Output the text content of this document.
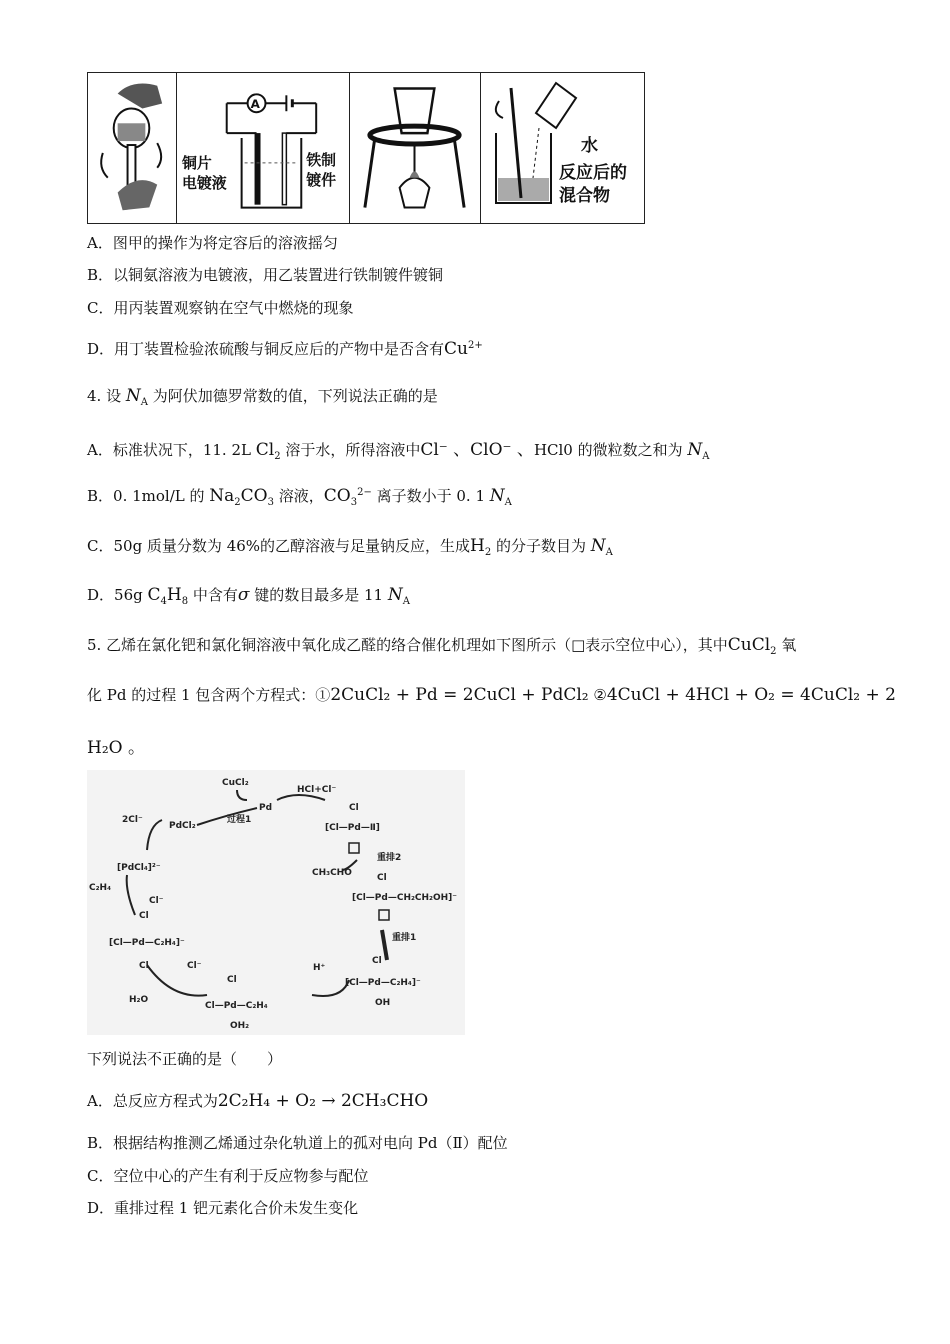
A
铜片
电镀液
铁制
镀件
水
反应后的
混合物
A．图甲的操作为将定容后的溶液摇匀
B．以铜氨溶液为电镀液，用乙装置进行铁制镀件镀铜
C．用丙装置观察钠在空气中燃烧的现象
D．用丁装置检验浓硫酸与铜反应后的产物中是否含有$Cu^{2+}$
4. 设 $N_A$ 为阿伏加德罗常数的值，下列说法正确的是
A．标准状况下，11. 2L $Cl_2$ 溶于水，所得溶液中Cl⁻ 、ClO⁻ 、HCl0 的微粒数之和为 $N_A$
B．0. 1mol/L 的 $Na_2CO_3$ 溶液，$CO_3^{2-}$ 离子数小于 0. 1 $N_A$
C．50g 质量分数为 46%的乙醇溶液与足量钠反应，生成$H_2$ 的分子数目为 $N_A$
D．56g $C_4H_8$ 中含有σ 键的数目最多是 11 $N_A$
5. 乙烯在氯化钯和氯化铜溶液中氧化成乙醛的络合催化机理如下图所示（□表示空位中心），其中CuCl$_2$ 氧
化 Pd 的过程 1 包含两个方程式：①2CuCl₂ + Pd = 2CuCl + PdCl₂ ②4CuCl + 4HCl + O₂ = 4CuCl₂ + 2
H₂O 。
CuCl₂
Pd
过程1
HCl+Cl⁻
2Cl⁻
PdCl₂
[PdCl₄]²⁻
C₂H₄
Cl⁻
Cl
[Cl—Pd—C₂H₄]⁻
Cl
H₂O
Cl⁻
Cl
Cl—Pd—C₂H₄
OH₂
H⁺
Cl
[Cl—Pd—C₂H₄]⁻
OH
重排1
Cl
[Cl—Pd—CH₂CH₂OH]⁻
CH₃CHO
重排2
Cl
[Cl—Pd—Ⅱ]
下列说法不正确的是（　　）
A．总反应方程式为2C₂H₄ + O₂ → 2CH₃CHO
B．根据结构推测乙烯通过杂化轨道上的孤对电向 Pd（Ⅱ）配位
C．空位中心的产生有利于反应物参与配位
D．重排过程 1 钯元素化合价未发生变化
